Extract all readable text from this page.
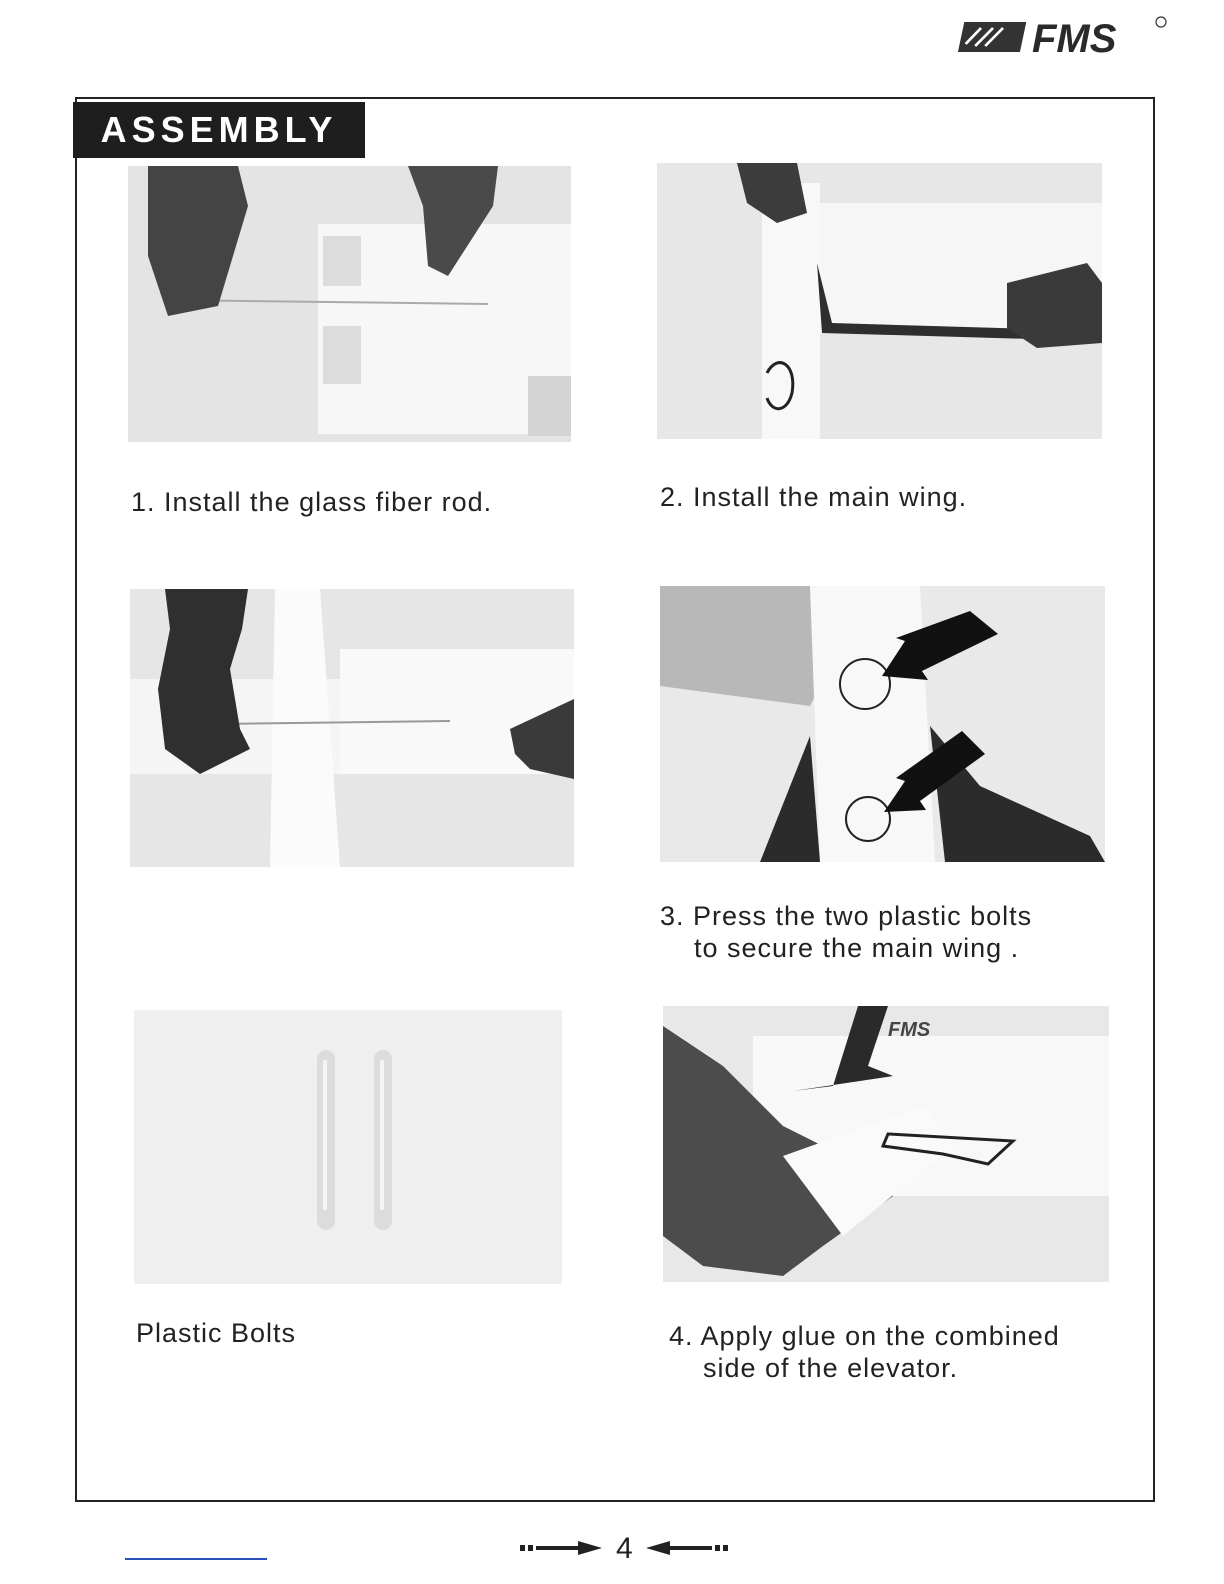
FMS
ASSEMBLY
1. Install the glass fiber rod.	2. Install the main wing.
3. Press the two plastic bolts
to secure the main wing .
Plastic Bolts
FMS
4. Apply glue on the combined
side of the elevator.
4
